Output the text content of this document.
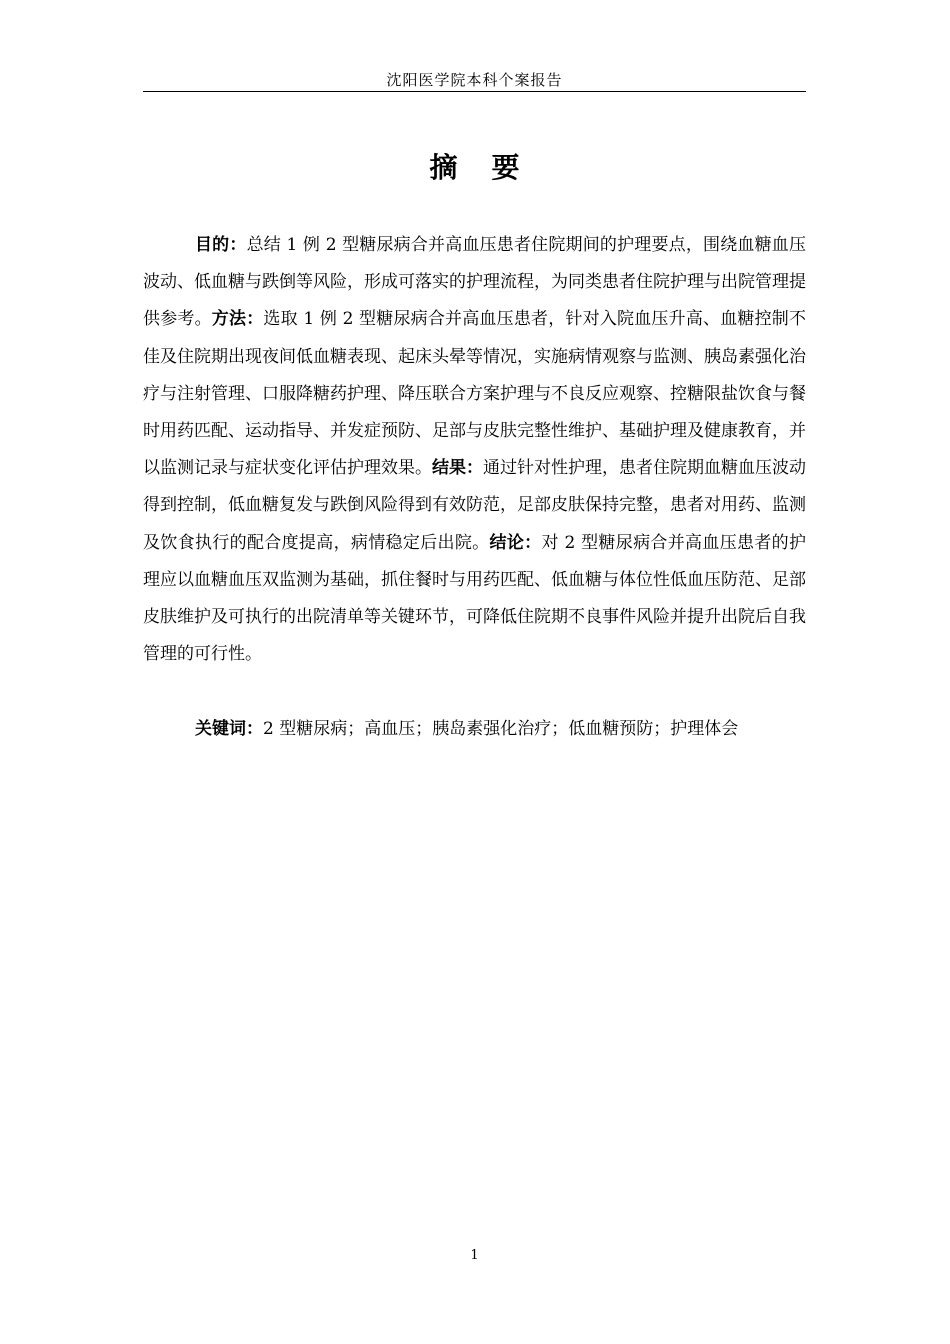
沈阳医学院本科个案报告
摘要

目的：总结 1 例 2 型糖尿病合并高血压患者住院期间的护理要点，围绕血糖血压波动、低血糖与跌倒等风险，形成可落实的护理流程，为同类患者住院护理与出院管理提供参考。方法：选取 1 例 2 型糖尿病合并高血压患者，针对入院血压升高、血糖控制不佳及住院期出现夜间低血糖表现、起床头晕等情况，实施病情观察与监测、胰岛素强化治疗与注射管理、口服降糖药护理、降压联合方案护理与不良反应观察、控糖限盐饮食与餐时用药匹配、运动指导、并发症预防、足部与皮肤完整性维护、基础护理及健康教育，并以监测记录与症状变化评估护理效果。结果：通过针对性护理，患者住院期血糖血压波动得到控制，低血糖复发与跌倒风险得到有效防范，足部皮肤保持完整，患者对用药、监测及饮食执行的配合度提高，病情稳定后出院。结论：对 2 型糖尿病合并高血压患者的护理应以血糖血压双监测为基础，抓住餐时与用药匹配、低血糖与体位性低血压防范、足部皮肤维护及可执行的出院清单等关键环节，可降低住院期不良事件风险并提升出院后自我管理的可行性。

关键词：2 型糖尿病；高血压；胰岛素强化治疗；低血糖预防；护理体会

1
